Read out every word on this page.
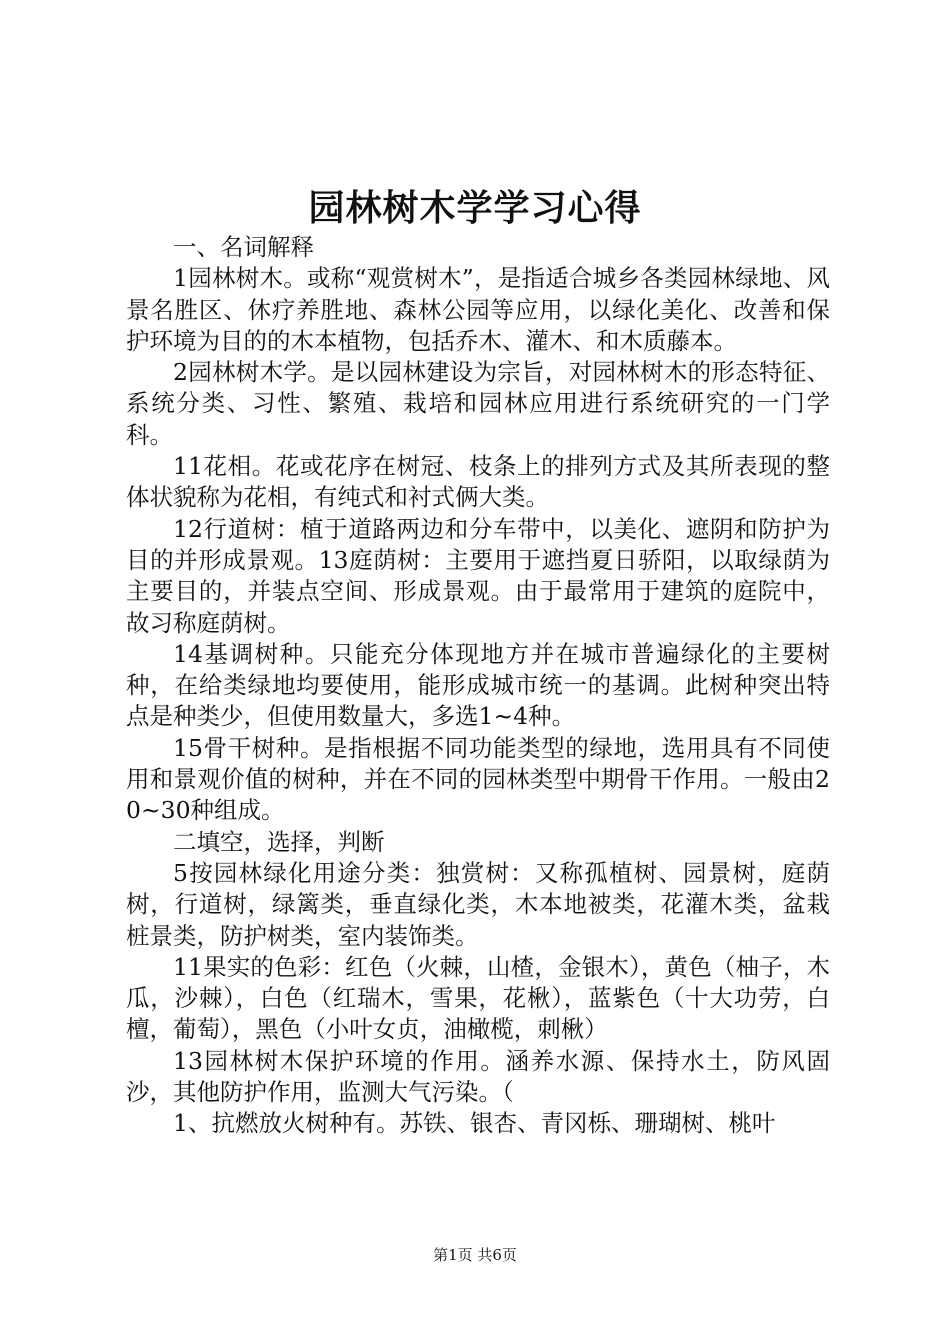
园林树木学学习心得

一、名词解释

1园林树木。或称“观赏树木”，是指适合城乡各类园林绿地、风景名胜区、休疗养胜地、森林公园等应用，以绿化美化、改善和保护环境为目的的木本植物，包括乔木、灌木、和木质藤本。

2园林树木学。是以园林建设为宗旨，对园林树木的形态特征、系统分类、习性、繁殖、栽培和园林应用进行系统研究的一门学科。

11花相。花或花序在树冠、枝条上的排列方式及其所表现的整体状貌称为花相，有纯式和衬式俩大类。

12行道树：植于道路两边和分车带中，以美化、遮阴和防护为目的并形成景观。13庭荫树：主要用于遮挡夏日骄阳，以取绿荫为主要目的，并装点空间、形成景观。由于最常用于建筑的庭院中，故习称庭荫树。

14基调树种。只能充分体现地方并在城市普遍绿化的主要树种，在给类绿地均要使用，能形成城市统一的基调。此树种突出特点是种类少，但使用数量大，多选1~4种。

15骨干树种。是指根据不同功能类型的绿地，选用具有不同使用和景观价值的树种，并在不同的园林类型中期骨干作用。一般由20~30种组成。

二填空，选择，判断

5按园林绿化用途分类：独赏树：又称孤植树、园景树，庭荫树，行道树，绿篱类，垂直绿化类，木本地被类，花灌木类，盆栽桩景类，防护树类，室内装饰类。

11果实的色彩：红色（火棘，山楂，金银木），黄色（柚子，木瓜，沙棘），白色（红瑞木，雪果，花楸），蓝紫色（十大功劳，白檀，葡萄），黑色（小叶女贞，油橄榄，刺楸）

13园林树木保护环境的作用。涵养水源、保持水土，防风固沙，其他防护作用，监测大气污染。（

1、抗燃放火树种有。苏铁、银杏、青冈栎、珊瑚树、桃叶

第1页 共6页
